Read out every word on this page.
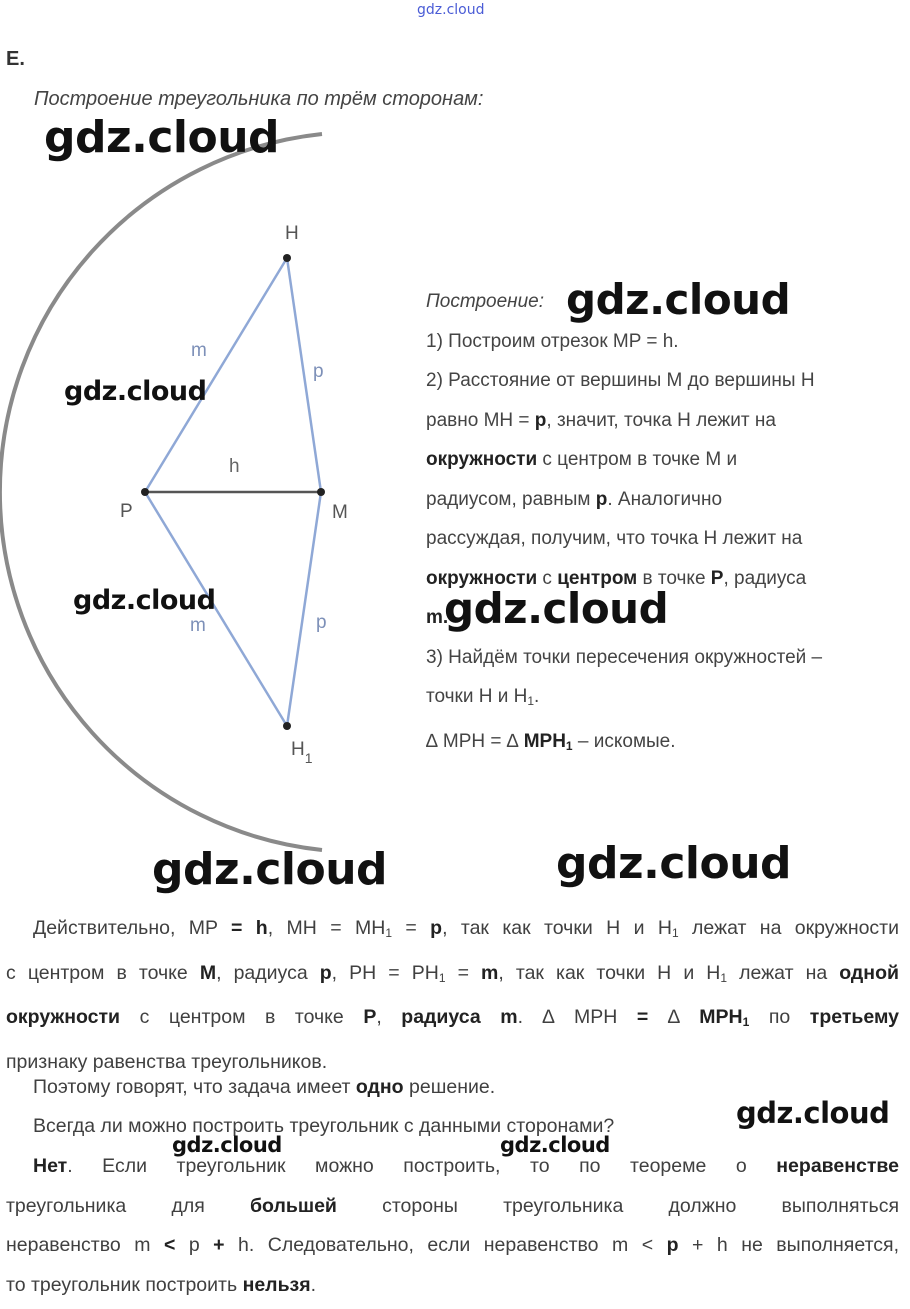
gdz.cloud
E.
Построение треугольника по трём сторонам:
H
P	M
$H_1$
m
p
h
m	p
Построение:
1) Построим отрезок MP = h.
2) Расстояние от вершины M до вершины H
равно MH = p, значит, точка H лежит на
окружности с центром в точке M и
радиусом, равным p. Аналогично
рассуждая, получим, что точка H лежит на
окружности с центром в точке P, радиуса
m.
3) Найдём точки пересечения окружностей –
точки H и $H_1$.
∆ MPH = ∆ $MPH_1$ – искомые.
Действительно, MP = h, MH = $MH_1 = p$, так как точки H и $H_1$ лежат на окружности
с центром в точке M, радиуса p, PH = $PH_1 = m$, так как точки H и $H_1$ лежат на одной
окружности с центром в точке P, радиуса m. ∆ MPH = ∆ $MPH_1$ по третьему
признаку равенства треугольников.
Поэтому говорят, что задача имеет одно решение.
Всегда ли можно построить треугольник с данными сторонами?
Нет. Если треугольник можно построить, то по теореме о неравенстве
треугольника для большей стороны треугольника должно выполняться
неравенство m < p + h. Следовательно, если неравенство m < p + h не выполняется,
то треугольник построить нельзя.
gdz.cloud
gdz.cloud
gdz.cloud
gdz.cloud	gdz.cloud
gdz.cloud	gdz.cloud
gdz.cloud
gdz.cloud	gdz.cloud
